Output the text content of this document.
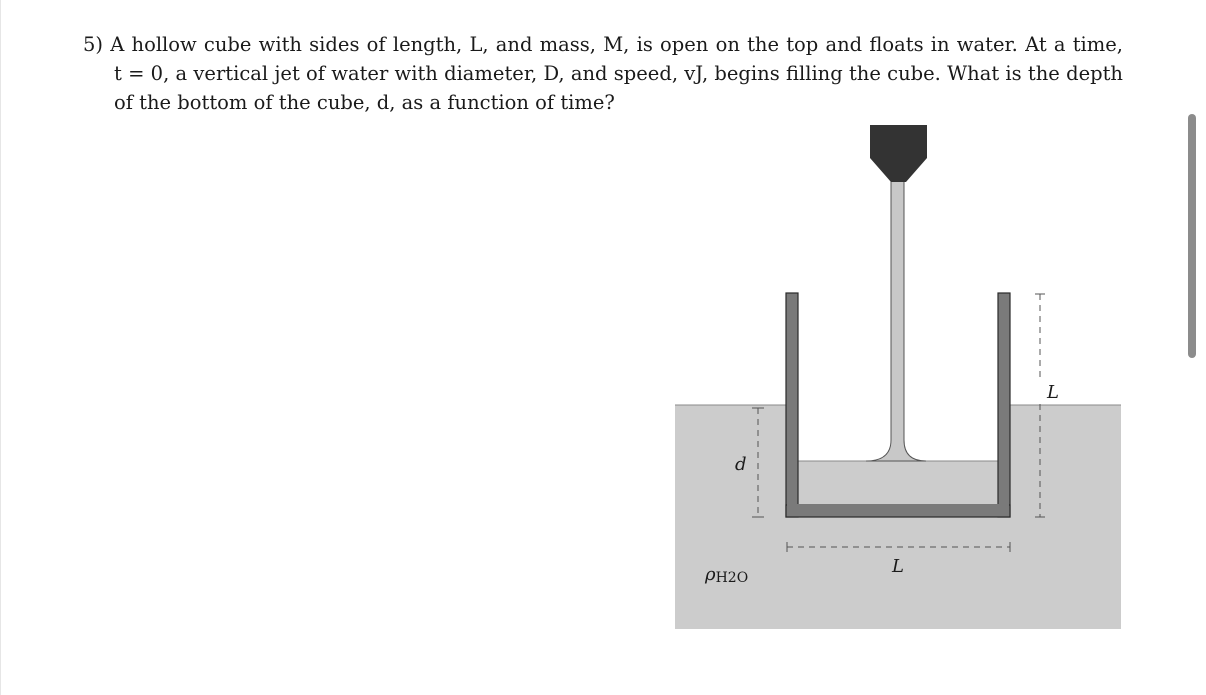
5) A hollow cube with sides of length, L, and mass, M, is open on the top and floats in water. At a time,
t = 0, a vertical jet of water with diameter, D, and speed, vJ, begins filling the cube. What is the depth
of the bottom of the cube, d, as a function of time?

L
L
d
ρH2O
